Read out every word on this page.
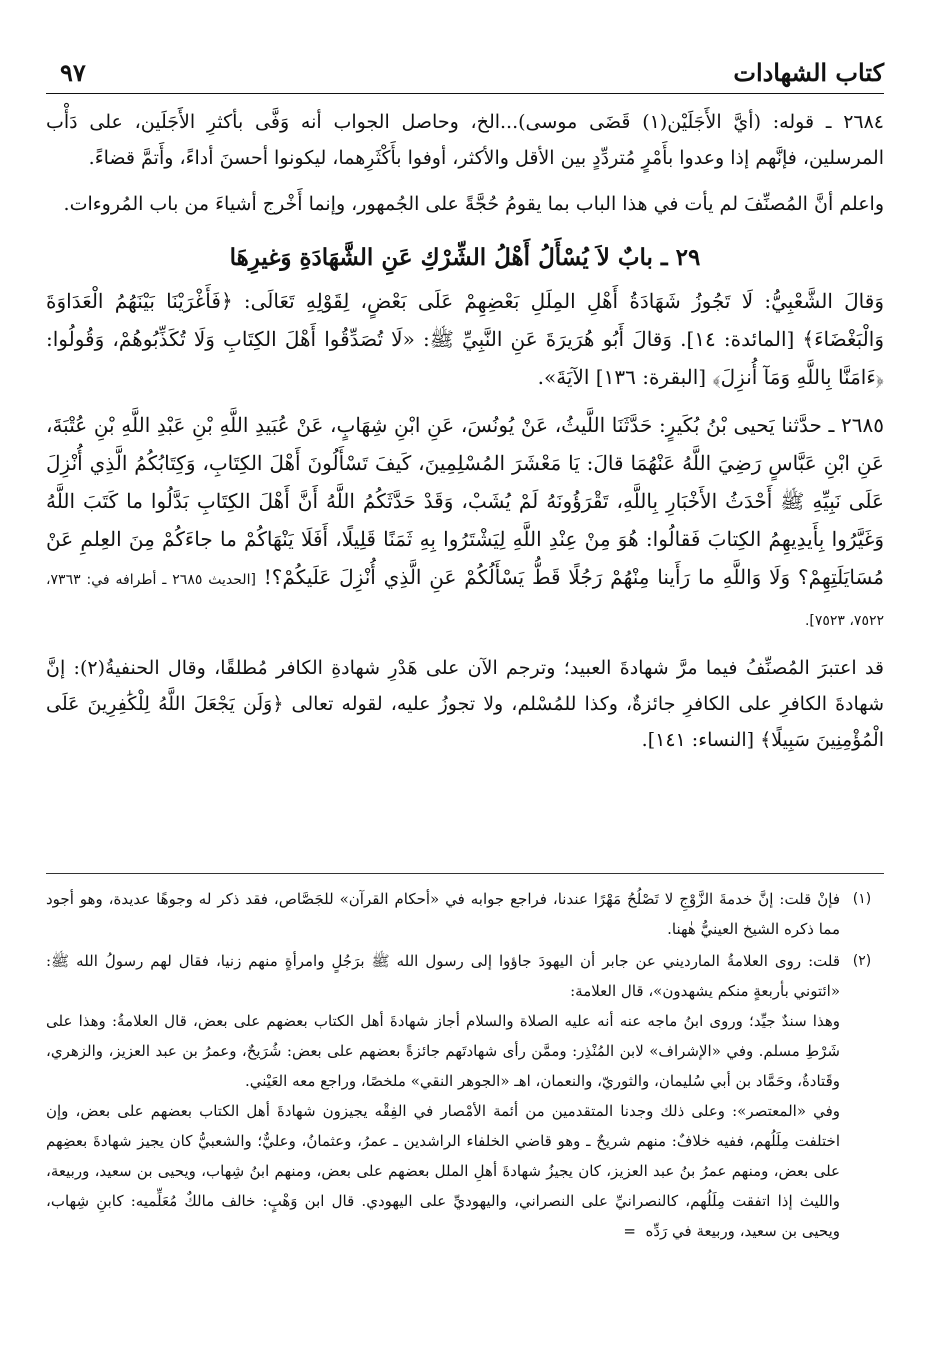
كتاب الشهادات
٩٧

٢٦٨٤ ـ قوله: (أيَّ الأَجَلَيْن(١) قَضَى موسى)...الخ، وحاصل الجواب أنه وَفَّى بأكثرِ الأَجَلَين، على دَأْب المرسلين، فإنَّهم إذا وعدوا بأَمْرٍ مُتردِّدٍ بين الأقل والأكثر، أوفوا بأَكْثَرِهما، ليكونوا أحسنَ أداءً، وأَتمَّ قضاءً.

واعلم أنَّ المُصنِّفَ لم يأت في هذا الباب بما يقومُ حُجَّةً على الجُمهور، وإنما أَخْرج أشياءَ من باب المُروءات.

٢٩ ـ بابٌ لاَ يُسْأَلُ أَهْلُ الشِّرْكِ عَنِ الشَّهَادَةِ وَغيرِهَا

وَقالَ الشَّعْبِيُّ: لَا تَجُوزُ شَهَادَةُ أَهْلِ المِلَلِ بَعْضِهِمْ عَلَى بَعْضٍ، لِقَوْلِهِ تَعَالَى: ﴿فَأَغْرَيْنَا بَيْنَهُمُ الْعَدَاوَةَ وَالْبَغْضَاءَ﴾ [المائدة: ١٤]. وَقالَ أَبُو هُرَيرَةَ عَنِ النَّبِيِّ ﷺ: «لَا تُصَدِّقُوا أَهْلَ الكِتَابِ وَلَا تُكَذِّبُوهُمْ، وَقُولُوا: ﴿ءَامَنَّا بِاللَّهِ وَمَآ أُنزِلَ﴾ [البقرة: ١٣٦] الآيَةَ».

٢٦٨٥ ـ حدَّثنا يَحيى بْنُ بُكَيرٍ: حَدَّثَنَا اللَّيثُ، عَنْ يُونُسَ، عَنِ ابْنِ شِهَابٍ، عَنْ عُبَيدِ اللَّهِ بْنِ عَبْدِ اللَّهِ بْنِ عُتْبَةَ، عَنِ ابْنِ عَبَّاسٍ رَضِيَ اللَّهُ عَنْهُمَا قالَ: يَا مَعْشَرَ المُسْلِمِينَ، كَيفَ تَسْأَلُونَ أَهْلَ الكِتَابِ، وَكِتَابُكُمُ الَّذِي أُنْزِلَ عَلَى نَبِيِّهِ ﷺ أَحْدَثُ الأَخْبَارِ بِاللَّهِ، تَقْرَؤُونَهُ لَمْ يُشَبْ، وَقَدْ حَدَّثَكُمُ اللَّهُ أَنَّ أَهْلَ الكِتَابِ بَدَّلُوا ما كَتَبَ اللَّهُ وَغَيَّرُوا بِأَيدِيهِمُ الكِتابَ فَقالُوا: هُوَ مِنْ عِنْدِ اللَّهِ لِيَشْتَرُوا بِهِ ثَمَنًا قَلِيلًا، أَفَلَا يَنْهَاكُمْ ما جاءَكُمْ مِنَ العِلمِ عَنْ مُسَايَلَتِهِمْ؟ وَلَا وَاللَّهِ ما رَأَينا مِنْهُمْ رَجُلًا قَطُّ يَسْأَلُكُمْ عَنِ الَّذِي أُنْزِلَ عَلَيكُمْ؟! [الحديث ٢٦٨٥ ـ أطرافه في: ٧٣٦٣، ٧٥٢٢، ٧٥٢٣].

قد اعتبرَ المُصنِّفُ فيما مرَّ شهادةَ العبيد؛ وترجم الآن على هَدْرِ شهادةِ الكافر مُطلقًا، وقال الحنفيةُ(٢): إنَّ شهادةَ الكافرِ على الكافرِ جائزةٌ، وكذا للمُسْلم، ولا تجوزُ عليه، لقوله تعالى ﴿وَلَن يَجْعَلَ اللَّهُ لِلْكَٰفِرِينَ عَلَى الْمُؤْمِنِينَ سَبِيلًا﴾ [النساء: ١٤١].

(١)

فإنْ قلت: إنَّ خدمةَ الزَّوْجِ لا تَصْلُحُ مَهْرًا عندنا، فراجع جوابه في «أحكام القرآن» للجَصَّاص، فقد ذكر له وجوهًا عديدة، وهو أجود مما ذكره الشيخ العينيُّ هٰهنا.

(٢)

قلت: روى العلامةُ المارديني عن جابر أن اليهودَ جاؤوا إلى رسول الله ﷺ برَجُلٍ وامرأةٍ منهم زنيا، فقال لهم رسولُ الله ﷺ: «ائتوني بأربعةٍ منكم يشهدون»، قال العلامة:

وهذا سندٌ جيِّد؛ وروى ابنُ ماجه عنه أنه عليه الصلاة والسلام أجاز شهادةَ أهل الكتاب بعضهم على بعض، قال العلامةُ: وهذا على شَرْطِ مسلم. وفي «الإشراف» لابن المُنْذِر: وممَّن رأى شهادتَهم جائزةً بعضهم على بعض: شُرَيحٌ، وعمرُ بن عبد العزيز، والزهري، وقَتادةُ، وحَمَّاد بن أبي سُليمان، والثوريّ، والنعمان، اهـ «الجوهر النقي» ملخصًا، وراجع معه العَيْني.

وفي «المعتصر»: وعلى ذلك وجدنا المتقدمين من أئمة الأمْصار في الفِقْه يجيزون شهادةَ أهل الكتاب بعضهم على بعض، وإن اختلفت مِلَلُهم، ففيه خلافٌ: منهم شريحٌ ـ وهو قاضي الخلفاء الراشدين ـ عمرُ، وعثمانُ، وعليٌّ؛ والشعبيُّ كان يجيز شهادةَ بعضِهم على بعض، ومنهم عمرُ بنُ عبد العزيز، كان يجيزُ شهادةَ أهلِ الملل بعضهم على بعض، ومنهم ابنُ شِهاب، ويحيى بن سعيد، وربيعة، والليث إذا اتفقت مِلَلُهم، كالنصرانيِّ على النصراني، واليهوديِّ على اليهودي. قال ابن وَهْبٍ: خالف مالكٌ مُعَلِّميه: كابنِ شِهاب، ويحيى بن سعيد، وربيعة في رَدِّه  =
